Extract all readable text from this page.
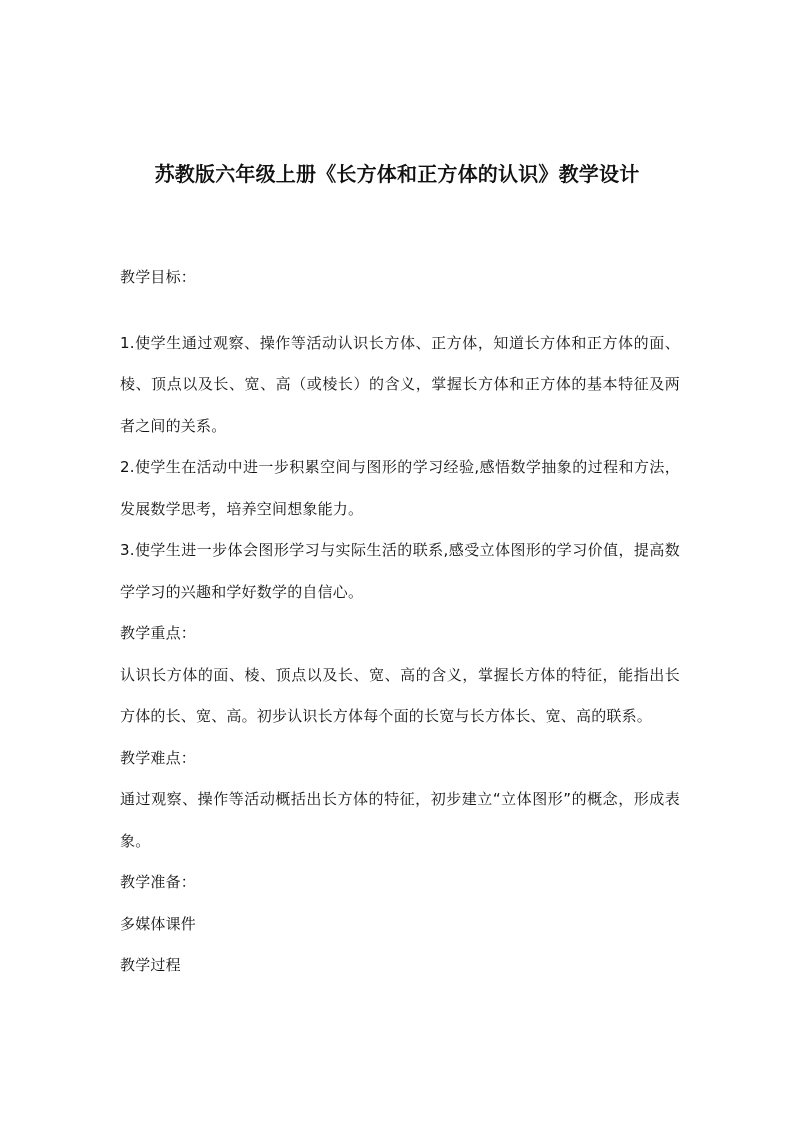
苏教版六年级上册《长方体和正方体的认识》教学设计

教学目标：

1.使学生通过观察、操作等活动认识长方体、正方体，知道长方体和正方体的面、棱、顶点以及长、宽、高（或棱长）的含义，掌握长方体和正方体的基本特征及两者之间的关系。

2.使学生在活动中进一步积累空间与图形的学习经验,感悟数学抽象的过程和方法，发展数学思考，培养空间想象能力。

3.使学生进一步体会图形学习与实际生活的联系,感受立体图形的学习价值，提高数学学习的兴趣和学好数学的自信心。

教学重点：

认识长方体的面、棱、顶点以及长、宽、高的含义，掌握长方体的特征，能指出长方体的长、宽、高。初步认识长方体每个面的长宽与长方体长、宽、高的联系。

教学难点：

通过观察、操作等活动概括出长方体的特征，初步建立“立体图形”的概念，形成表象。

教学准备：

多媒体课件

教学过程
